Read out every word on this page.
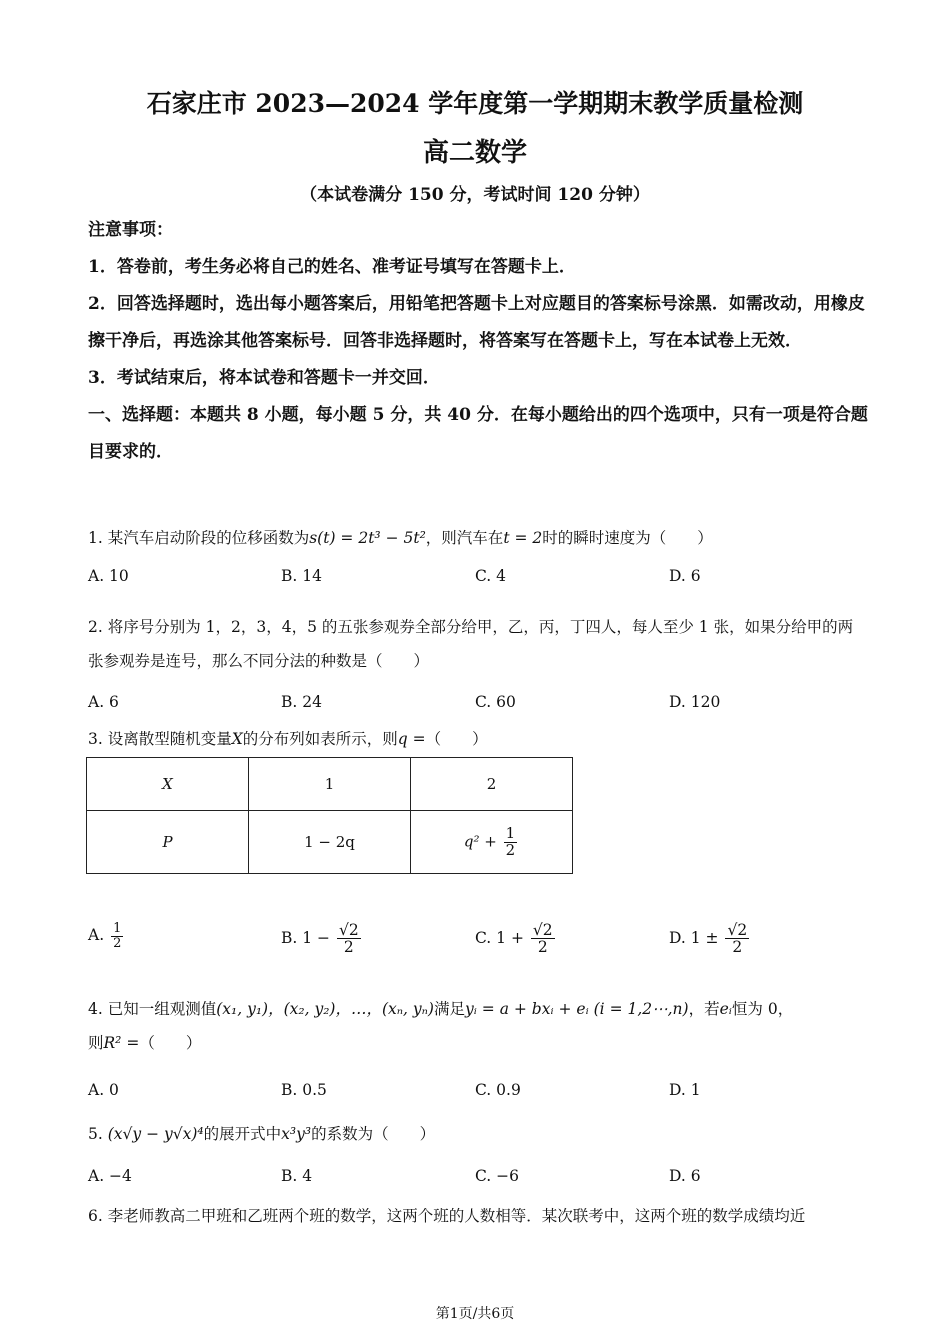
石家庄市 2023—2024 学年度第一学期期末教学质量检测
高二数学
（本试卷满分 150 分，考试时间 120 分钟）

注意事项：

1．答卷前，考生务必将自己的姓名、准考证号填写在答题卡上．

2．回答选择题时，选出每小题答案后，用铅笔把答题卡上对应题目的答案标号涂黑．如需改动，用橡皮擦干净后，再选涂其他答案标号．回答非选择题时，将答案写在答题卡上，写在本试卷上无效．

3．考试结束后，将本试卷和答题卡一并交回．

一、选择题：本题共 8 小题，每小题 5 分，共 40 分．在每小题给出的四个选项中，只有一项是符合题目要求的．

1. 某汽车启动阶段的位移函数为s(t) = 2t³ − 5t²，则汽车在t = 2时的瞬时速度为（　　）

A. 10	B. 14	C. 4	D. 6

2. 将序号分别为 1，2，3，4，5 的五张参观券全部分给甲，乙，丙，丁四人，每人至少 1 张，如果分给甲的两张参观券是连号，那么不同分法的种数是（　　）

A. 6	B. 24	C. 60	D. 120

3. 设离散型随机变量X的分布列如表所示，则q =（　　）

X	1	2
P	1 − 2q	$q^2 + \frac{1}{2}$
A. $\frac{1}{2}$	B. $1 - \frac{√2}{2}$	C. $1 + \frac{√2}{2}$	D. $1 \pm \frac{√2}{2}$

4. 已知一组观测值(x₁, y₁)，(x₂, y₂)，…，(xₙ, yₙ)满足yᵢ = a + bxᵢ + eᵢ (i = 1,2⋯,n)，若eᵢ恒为 0，

则R² =（　　）

A. 0	B. 0.5	C. 0.9	D. 1

5. (x√y − y√x)⁴的展开式中x³y³的系数为（　　）

A. −4	B. 4	C. −6	D. 6

6. 李老师教高二甲班和乙班两个班的数学，这两个班的人数相等．某次联考中，这两个班的数学成绩均近

第1页/共6页
